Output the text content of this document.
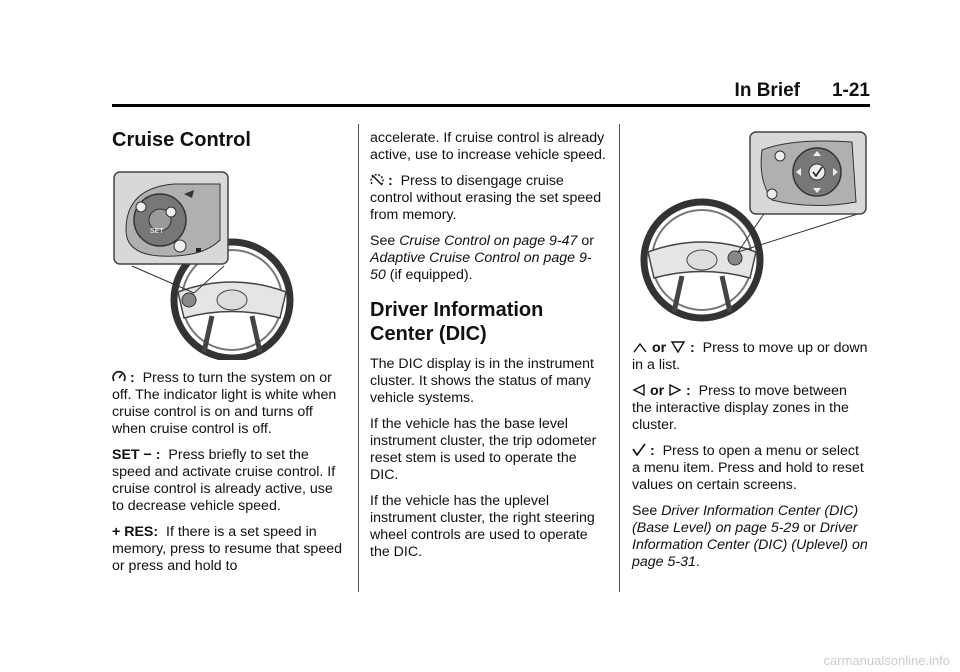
In Brief 1-21
Cruise Control
SET

: Press to turn the system on or off. The indicator light is white when cruise control is on and turns off when cruise control is off.

SET − : Press briefly to set the speed and activate cruise control. If cruise control is already active, use to decrease vehicle speed.

+ RES: If there is a set speed in memory, press to resume that speed or press and hold to

accelerate. If cruise control is already active, use to increase vehicle speed.

: Press to disengage cruise control without erasing the set speed from memory.

See Cruise Control on page 9-47 or Adaptive Cruise Control on page 9-50 (if equipped).

Driver Information
Center (DIC)

The DIC display is in the instrument cluster. It shows the status of many vehicle systems.

If the vehicle has the base level instrument cluster, the trip odometer reset stem is used to operate the DIC.

If the vehicle has the uplevel instrument cluster, the right steering wheel controls are used to operate the DIC.

or : Press to move up or down in a list.

or : Press to move between the interactive display zones in the cluster.

: Press to open a menu or select a menu item. Press and hold to reset values on certain screens.

See Driver Information Center (DIC) (Base Level) on page 5-29 or Driver Information Center (DIC) (Uplevel) on page 5-31.

carmanualsonline.info
